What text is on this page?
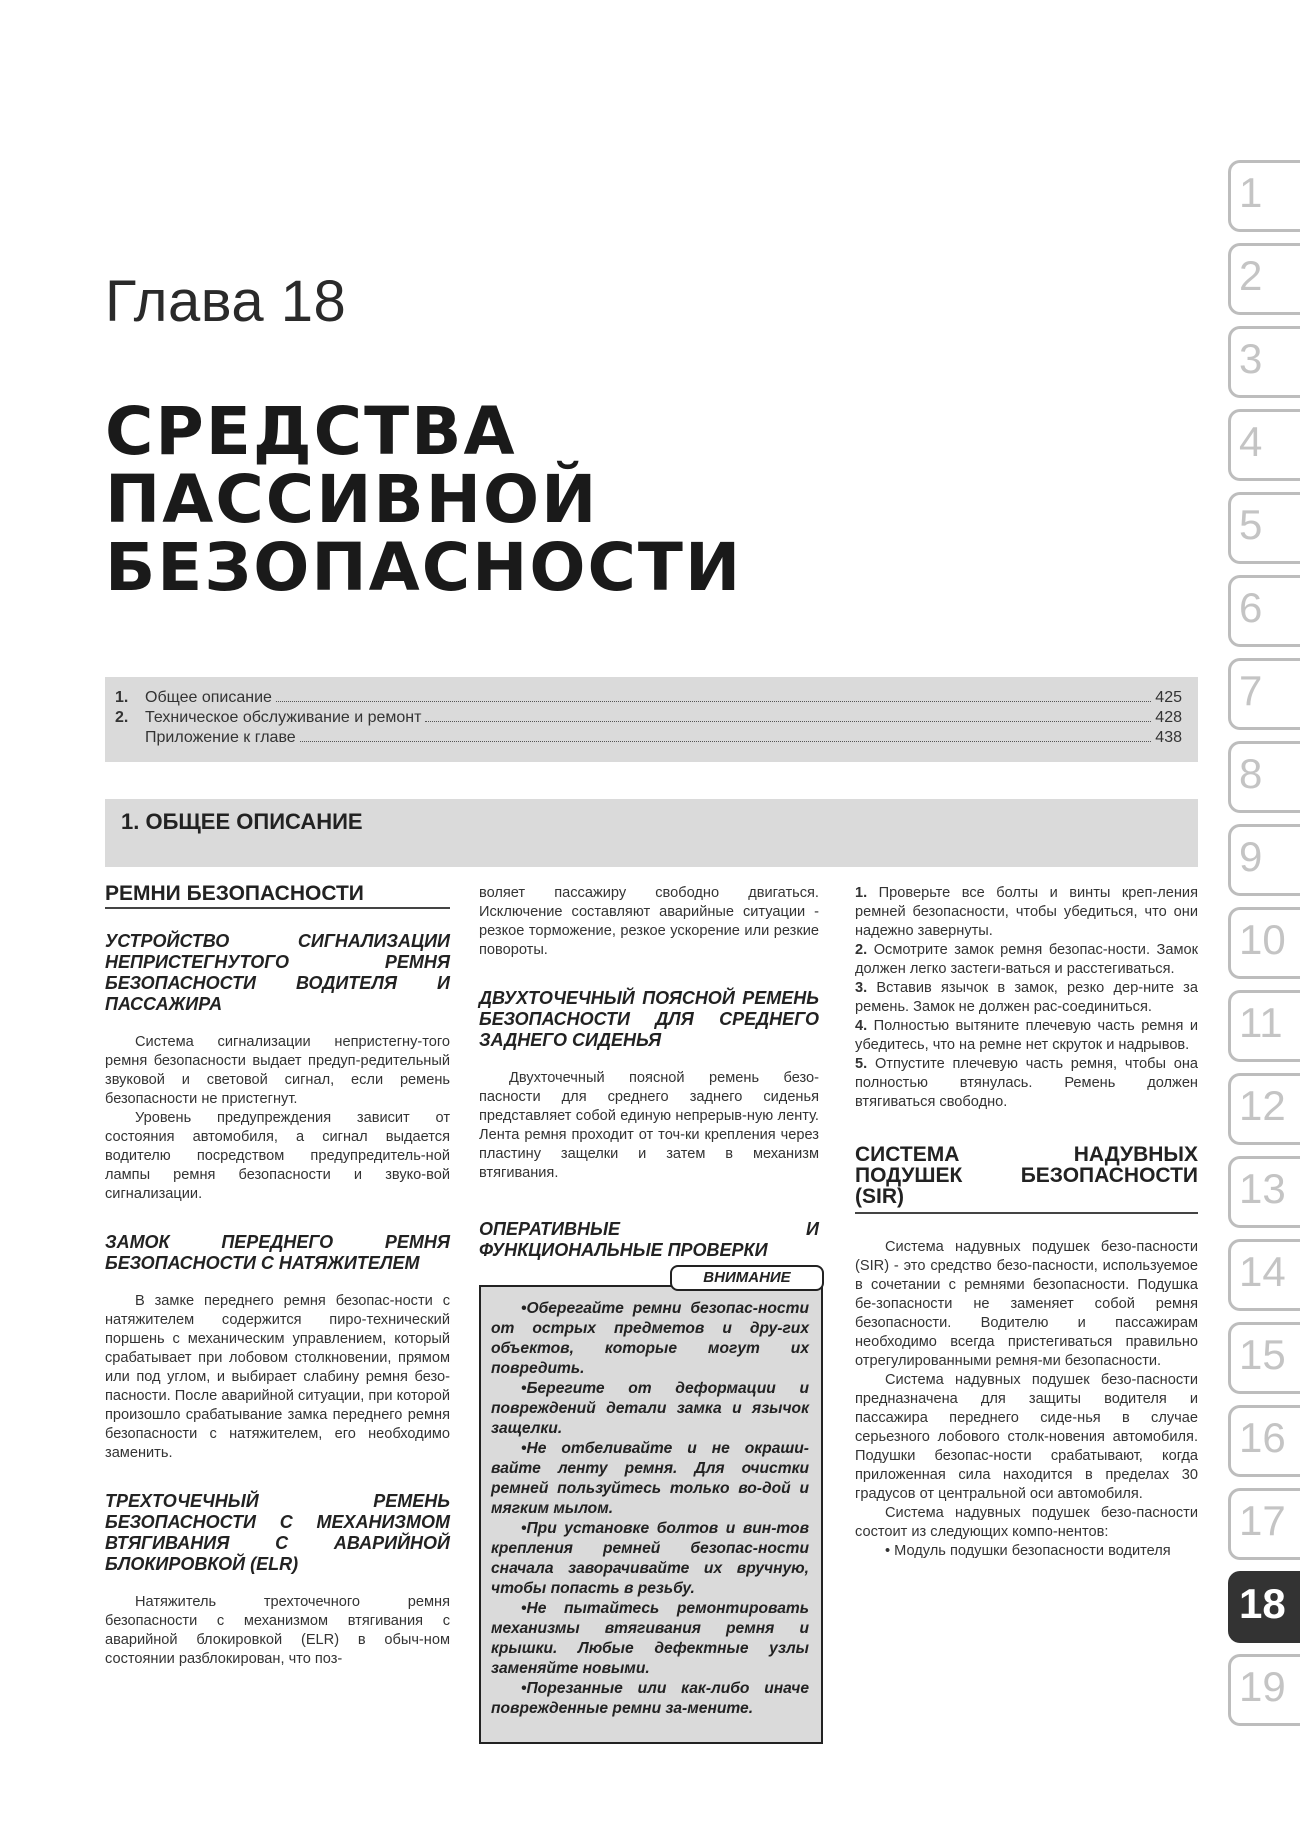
Глава 18
СРЕДСТВА
ПАССИВНОЙ
БЕЗОПАСНОСТИ
1.	Общее описание	425
2.	Техническое обслуживание и ремонт	428
Приложение к главе	438
1. ОБЩЕЕ ОПИСАНИЕ
РЕМНИ БЕЗОПАСНОСТИ
УСТРОЙСТВО СИГНАЛИЗАЦИИ НЕПРИСТЕГНУТОГО РЕМНЯ БЕЗОПАСНОСТИ ВОДИТЕЛЯ И ПАССАЖИРА

Система сигнализации непристегну-того ремня безопасности выдает предуп-редительный звуковой и световой сигнал, если ремень безопасности не пристегнут.

Уровень предупреждения зависит от состояния автомобиля, а сигнал выдается водителю посредством предупредитель-ной лампы ремня безопасности и звуко-вой сигнализации.

ЗАМОК ПЕРЕДНЕГО РЕМНЯ БЕЗОПАСНОСТИ С НАТЯЖИТЕЛЕМ

В замке переднего ремня безопас-ности с натяжителем содержится пиро-технический поршень с механическим управлением, который срабатывает при лобовом столкновении, прямом или под углом, и выбирает слабину ремня безо-пасности. После аварийной ситуации, при которой произошло срабатывание замка переднего ремня безопасности с натяжителем, его необходимо заменить.

ТРЕХТОЧЕЧНЫЙ РЕМЕНЬ БЕЗОПАСНОСТИ С МЕХАНИЗМОМ ВТЯГИВАНИЯ С АВАРИЙНОЙ БЛОКИРОВКОЙ (ELR)

Натяжитель трехточечного ремня безопасности с механизмом втягивания с аварийной блокировкой (ELR) в обыч-ном состоянии разблокирован, что поз-

воляет пассажиру свободно двигаться. Исключение составляют аварийные ситуации - резкое торможение, резкое ускорение или резкие повороты.

ДВУХТОЧЕЧНЫЙ ПОЯСНОЙ РЕМЕНЬ БЕЗОПАСНОСТИ ДЛЯ СРЕДНЕГО ЗАДНЕГО СИДЕНЬЯ

Двухточечный поясной ремень безо-пасности для среднего заднего сиденья представляет собой единую непрерыв-ную ленту. Лента ремня проходит от точ-ки крепления через пластину защелки и затем в механизм втягивания.

ОПЕРАТИВНЫЕ И ФУНКЦИОНАЛЬНЫЕ ПРОВЕРКИ

•Оберегайте ремни безопас-ности от острых предметов и дру-гих объектов, которые могут их повредить.

•Берегите от деформации и повреждений детали замка и язычок защелки.

•Не отбеливайте и не окраши-вайте ленту ремня. Для очистки ремней пользуйтесь только во-дой и мягким мылом.

•При установке болтов и вин-тов крепления ремней безопас-ности сначала заворачивайте их вручную, чтобы попасть в резьбу.

•Не пытайтесь ремонтировать механизмы втягивания ремня и крышки. Любые дефектные узлы заменяйте новыми.

•Порезанные или как-либо иначе поврежденные ремни за-мените.

ВНИМАНИЕ

1. Проверьте все болты и винты креп-ления ремней безопасности, чтобы убедиться, что они надежно завернуты.

2. Осмотрите замок ремня безопас-ности. Замок должен легко застеги-ваться и расстегиваться.

3. Вставив язычок в замок, резко дер-ните за ремень. Замок не должен рас-соединиться.

4. Полностью вытяните плечевую часть ремня и убедитесь, что на ремне нет скруток и надрывов.

5. Отпустите плечевую часть ремня, чтобы она полностью втянулась. Ремень должен втягиваться свободно.

СИСТЕМА НАДУВНЫХ ПОДУШЕК БЕЗОПАСНОСТИ (SIR)

Система надувных подушек безо-пасности (SIR) - это средство безо-пасности, используемое в сочетании с ремнями безопасности. Подушка бе-зопасности не заменяет собой ремня безопасности. Водителю и пассажирам необходимо всегда пристегиваться правильно отрегулированными ремня-ми безопасности.

Система надувных подушек безо-пасности предназначена для защиты водителя и пассажира переднего сиде-нья в случае серьезного лобового столк-новения автомобиля. Подушки безопас-ности срабатывают, когда приложенная сила находится в пределах 30 градусов от центральной оси автомобиля.

Система надувных подушек безо-пасности состоит из следующих компо-нентов:

• Модуль подушки безопасности водителя

1
2
3
4
5
6
7
8
9
10
11
12
13
14
15
16
17
18
19
